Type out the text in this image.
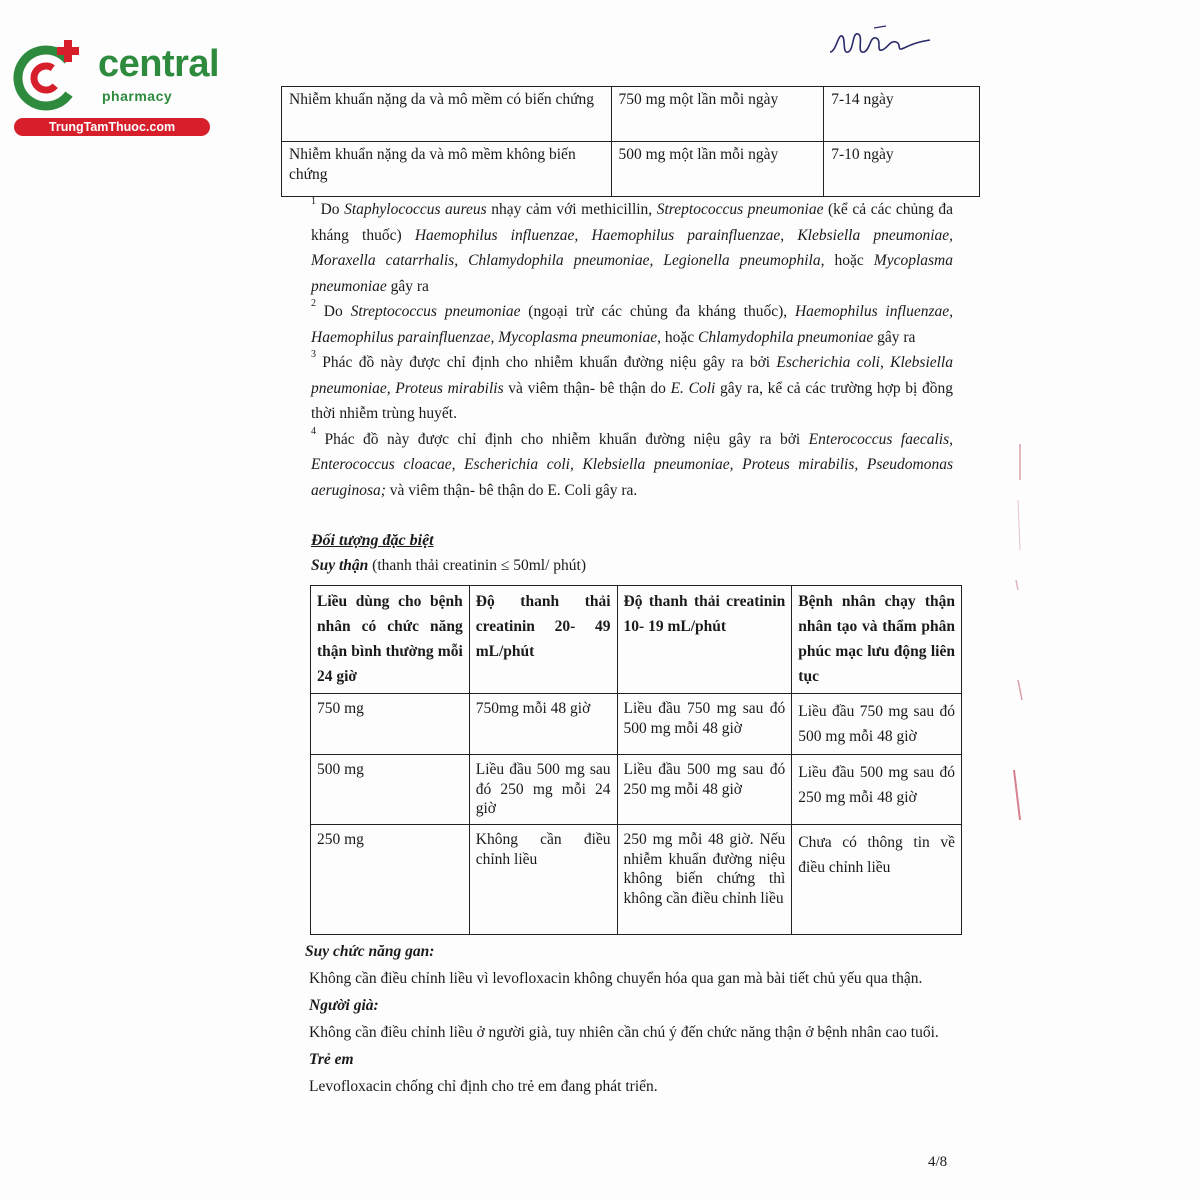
central
pharmacy
TrungTamThuoc.com
Nhiễm khuẩn nặng da và mô mềm có biến chứng	750 mg một lần mỗi ngày	7-14 ngày
Nhiễm khuẩn nặng da và mô mềm không biến chứng	500 mg một lần mỗi ngày	7-10 ngày

$^1$ Do Staphylococcus aureus nhạy cảm với methicillin, Streptococcus pneumoniae (kể cả các chủng đa kháng thuốc) Haemophilus influenzae, Haemophilus parainfluenzae, Klebsiella pneumoniae, Moraxella catarrhalis, Chlamydophila pneumoniae, Legionella pneumophila, hoặc Mycoplasma pneumoniae gây ra

$^2$ Do Streptococcus pneumoniae (ngoại trừ các chủng đa kháng thuốc), Haemophilus influenzae, Haemophilus parainfluenzae, Mycoplasma pneumoniae, hoặc Chlamydophila pneumoniae gây ra

$^3$ Phác đồ này được chỉ định cho nhiễm khuẩn đường niệu gây ra bởi Escherichia coli, Klebsiella pneumoniae, Proteus mirabilis và viêm thận- bê thận do E. Coli gây ra, kể cả các trường hợp bị đồng thời nhiễm trùng huyết.

$^4$ Phác đồ này được chỉ định cho nhiễm khuẩn đường niệu gây ra bởi Enterococcus faecalis, Enterococcus cloacae, Escherichia coli, Klebsiella pneumoniae, Proteus mirabilis, Pseudomonas aeruginosa; và viêm thận- bê thận do E. Coli gây ra.

Đối tượng đặc biệt
Suy thận (thanh thải creatinin ≤ 50ml/ phút)
Liều dùng cho bệnh nhân có chức năng thận bình thường mỗi 24 giờ	Độ thanh thải creatinin 20- 49 mL/phút	Độ thanh thải creatinin 10- 19 mL/phút	Bệnh nhân chạy thận nhân tạo và thẩm phân phúc mạc lưu động liên tục
750 mg	750mg mỗi 48 giờ	Liều đầu 750 mg sau đó 500 mg mỗi 48 giờ	Liều đầu 750 mg sau đó 500 mg mỗi 48 giờ
500 mg	Liều đầu 500 mg sau đó 250 mg mỗi 24 giờ	Liều đầu 500 mg sau đó 250 mg mỗi 48 giờ	Liều đầu 500 mg sau đó 250 mg mỗi 48 giờ
250 mg	Không cần điều chỉnh liều	250 mg mỗi 48 giờ. Nếu nhiễm khuẩn đường niệu không biến chứng thì không cần điều chỉnh liều	Chưa có thông tin về điều chỉnh liều

Suy chức năng gan:

Không cần điều chỉnh liều vì levofloxacin không chuyển hóa qua gan mà bài tiết chủ yếu qua thận.

Người già:

Không cần điều chỉnh liều ở người già, tuy nhiên cần chú ý đến chức năng thận ở bệnh nhân cao tuổi.

Trẻ em

Levofloxacin chống chỉ định cho trẻ em đang phát triển.

4/8
